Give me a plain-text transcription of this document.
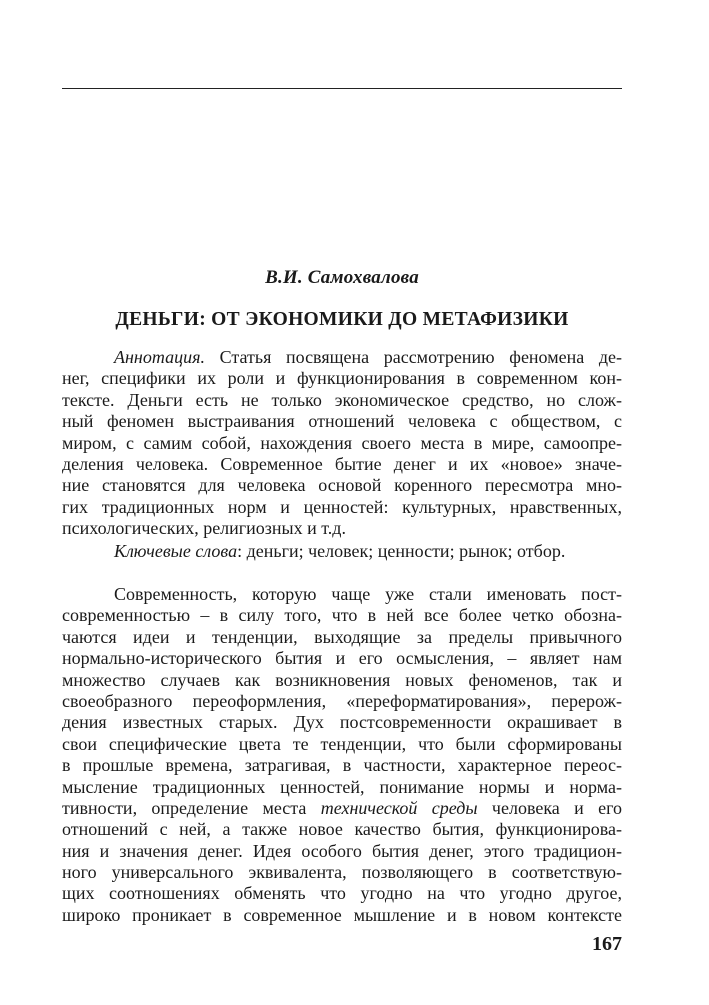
В.И. Самохвалова
ДЕНЬГИ: ОТ ЭКОНОМИКИ ДО МЕТАФИЗИКИ
Аннотация. Статья посвящена рассмотрению феномена де-
нег, специфики их роли и функционирования в современном кон-
тексте. Деньги есть не только экономическое средство, но слож-
ный феномен выстраивания отношений человека с обществом, с
миром, с самим собой, нахождения своего места в мире, самоопре-
деления человека. Современное бытие денег и их «новое» значе-
ние становятся для человека основой коренного пересмотра мно-
гих традиционных норм и ценностей: культурных, нравственных,
психологических, религиозных и т.д.
Ключевые слова: деньги; человек; ценности; рынок; отбор.
Современность, которую чаще уже стали именовать пост-
современностью – в силу того, что в ней все более четко обозна-
чаются идеи и тенденции, выходящие за пределы привычного
нормально-исторического бытия и его осмысления, – являет нам
множество случаев как возникновения новых феноменов, так и
своеобразного переоформления, «переформатирования», перерож-
дения известных старых. Дух постсовременности окрашивает в
свои специфические цвета те тенденции, что были сформированы
в прошлые времена, затрагивая, в частности, характерное переос-
мысление традиционных ценностей, понимание нормы и норма-
тивности, определение места технической среды человека и его
отношений с ней, а также новое качество бытия, функционирова-
ния и значения денег. Идея особого бытия денег, этого традицион-
ного универсального эквивалента, позволяющего в соответствую-
щих соотношениях обменять что угодно на что угодно другое,
широко проникает в современное мышление и в новом контексте
167
